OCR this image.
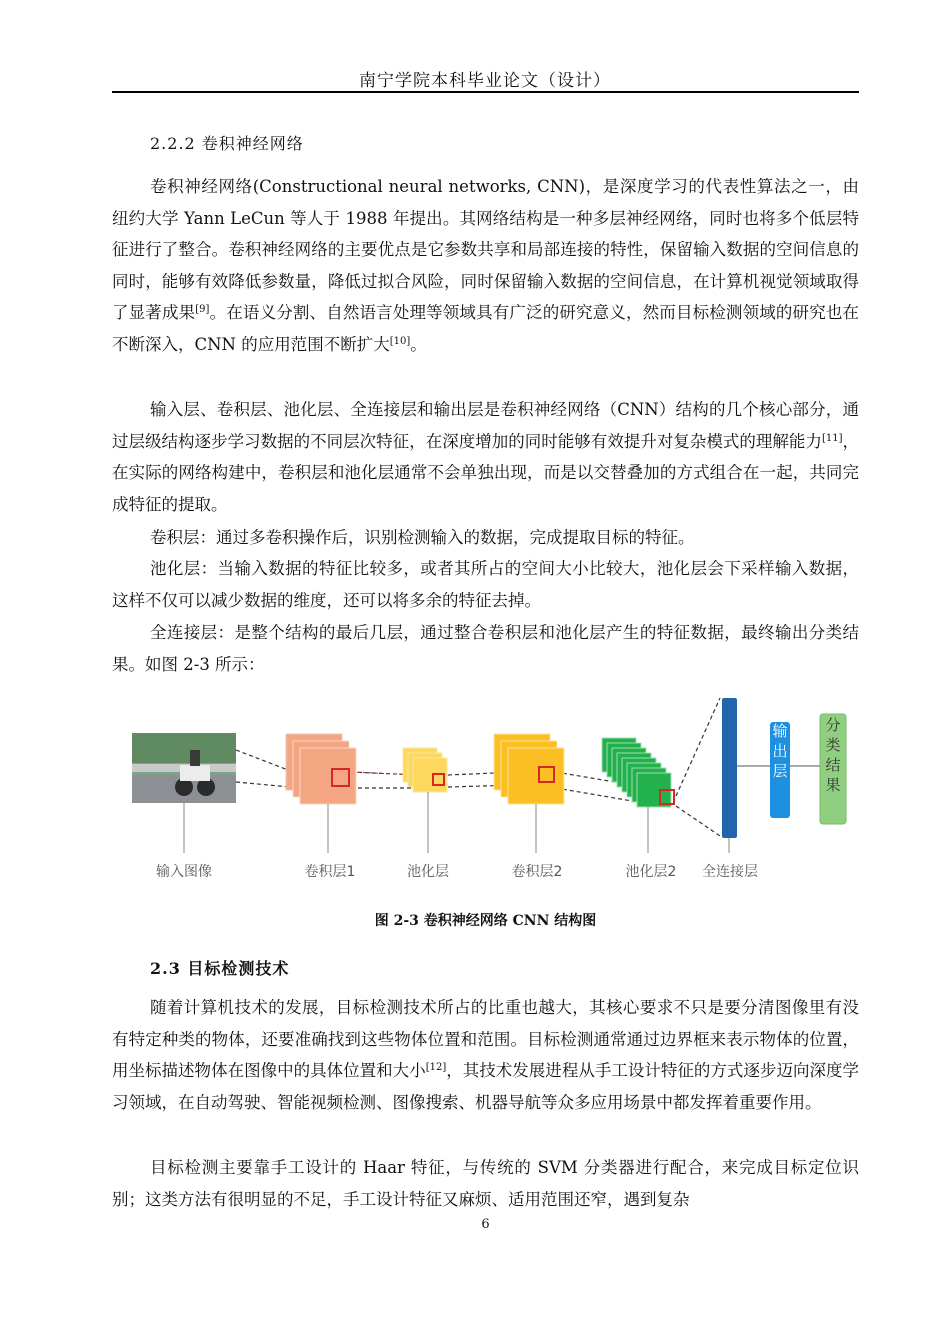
南宁学院本科毕业论文（设计）
2.2.2 卷积神经网络

卷积神经网络(Constructional neural networks, CNN)，是深度学习的代表性算法之一，由纽约大学 Yann LeCun 等人于 1988 年提出。其网络结构是一种多层神经网络，同时也将多个低层特征进行了整合。卷积神经网络的主要优点是它参数共享和局部连接的特性，保留输入数据的空间信息的同时，能够有效降低参数量，降低过拟合风险，同时保留输入数据的空间信息，在计算机视觉领域取得了显著成果[9]。在语义分割、自然语言处理等领域具有广泛的研究意义，然而目标检测领域的研究也在不断深入，CNN 的应用范围不断扩大[10]。

输入层、卷积层、池化层、全连接层和输出层是卷积神经网络（CNN）结构的几个核心部分，通过层级结构逐步学习数据的不同层次特征，在深度增加的同时能够有效提升对复杂模式的理解能力[11]，在实际的网络构建中，卷积层和池化层通常不会单独出现，而是以交替叠加的方式组合在一起，共同完成特征的提取。

卷积层：通过多卷积操作后，识别检测输入的数据，完成提取目标的特征。

池化层：当输入数据的特征比较多，或者其所占的空间大小比较大，池化层会下采样输入数据，这样不仅可以减少数据的维度，还可以将多余的特征去掉。

全连接层：是整个结构的最后几层，通过整合卷积层和池化层产生的特征数据，最终输出分类结果。如图 2-3 所示：

输出层
分类结果
输入图像	卷积层1	池化层	卷积层2	池化层2 全连接层
图 2-3 卷积神经网络 CNN 结构图
2.3 目标检测技术

随着计算机技术的发展，目标检测技术所占的比重也越大，其核心要求不只是要分清图像里有没有特定种类的物体，还要准确找到这些物体位置和范围。目标检测通常通过边界框来表示物体的位置，用坐标描述物体在图像中的具体位置和大小[12]，其技术发展进程从手工设计特征的方式逐步迈向深度学习领域，在自动驾驶、智能视频检测、图像搜索、机器导航等众多应用场景中都发挥着重要作用。

目标检测主要靠手工设计的 Haar 特征，与传统的 SVM 分类器进行配合，来完成目标定位识别；这类方法有很明显的不足，手工设计特征又麻烦、适用范围还窄，遇到复杂

6
